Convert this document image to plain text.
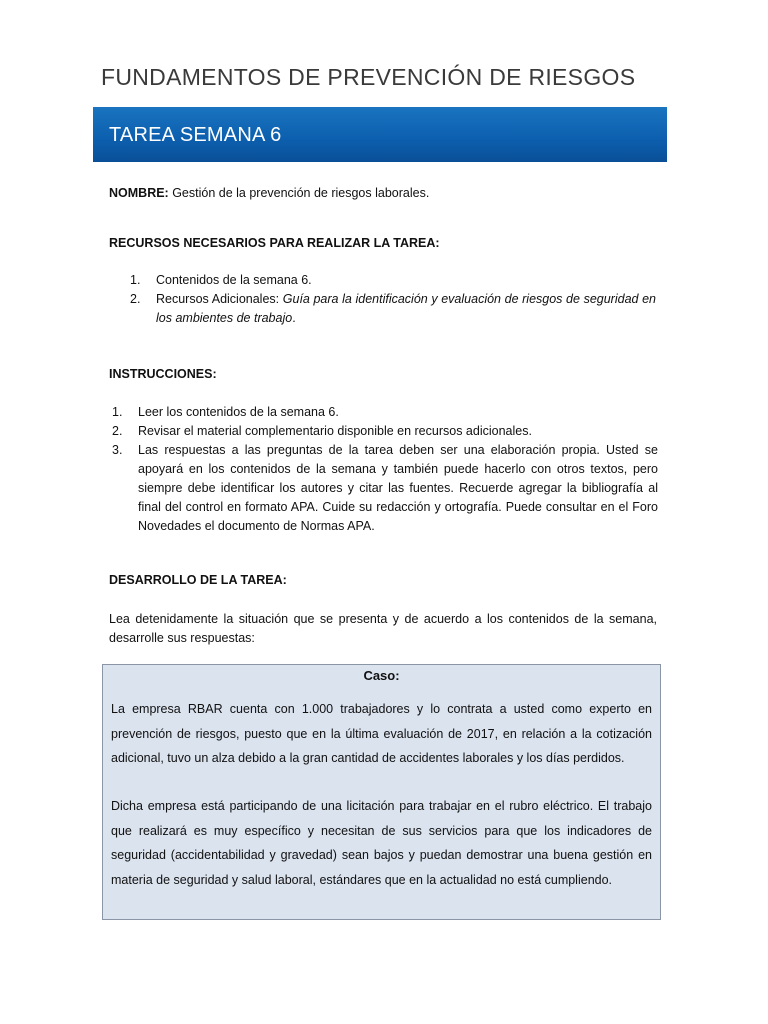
FUNDAMENTOS DE PREVENCIÓN DE RIESGOS
TAREA SEMANA 6
NOMBRE: Gestión de la prevención de riesgos laborales.
RECURSOS NECESARIOS PARA REALIZAR LA TAREA:
1. Contenidos de la semana 6.
2. Recursos Adicionales: Guía para la identificación y evaluación de riesgos de seguridad en los ambientes de trabajo.
INSTRUCCIONES:
1. Leer los contenidos de la semana 6.
2. Revisar el material complementario disponible en recursos adicionales.
3. Las respuestas a las preguntas de la tarea deben ser una elaboración propia. Usted se apoyará en los contenidos de la semana y también puede hacerlo con otros textos, pero siempre debe identificar los autores y citar las fuentes. Recuerde agregar la bibliografía al final del control en formato APA. Cuide su redacción y ortografía. Puede consultar en el Foro Novedades el documento de Normas APA.
DESARROLLO DE LA TAREA:
Lea detenidamente la situación que se presenta y de acuerdo a los contenidos de la semana, desarrolle sus respuestas:
Caso:
La empresa RBAR cuenta con 1.000 trabajadores y lo contrata a usted como experto en prevención de riesgos, puesto que en la última evaluación de 2017, en relación a la cotización adicional, tuvo un alza debido a la gran cantidad de accidentes laborales y los días perdidos.
Dicha empresa está participando de una licitación para trabajar en el rubro eléctrico. El trabajo que realizará es muy específico y necesitan de sus servicios para que los indicadores de seguridad (accidentabilidad y gravedad) sean bajos y puedan demostrar una buena gestión en materia de seguridad y salud laboral, estándares que en la actualidad no está cumpliendo.
